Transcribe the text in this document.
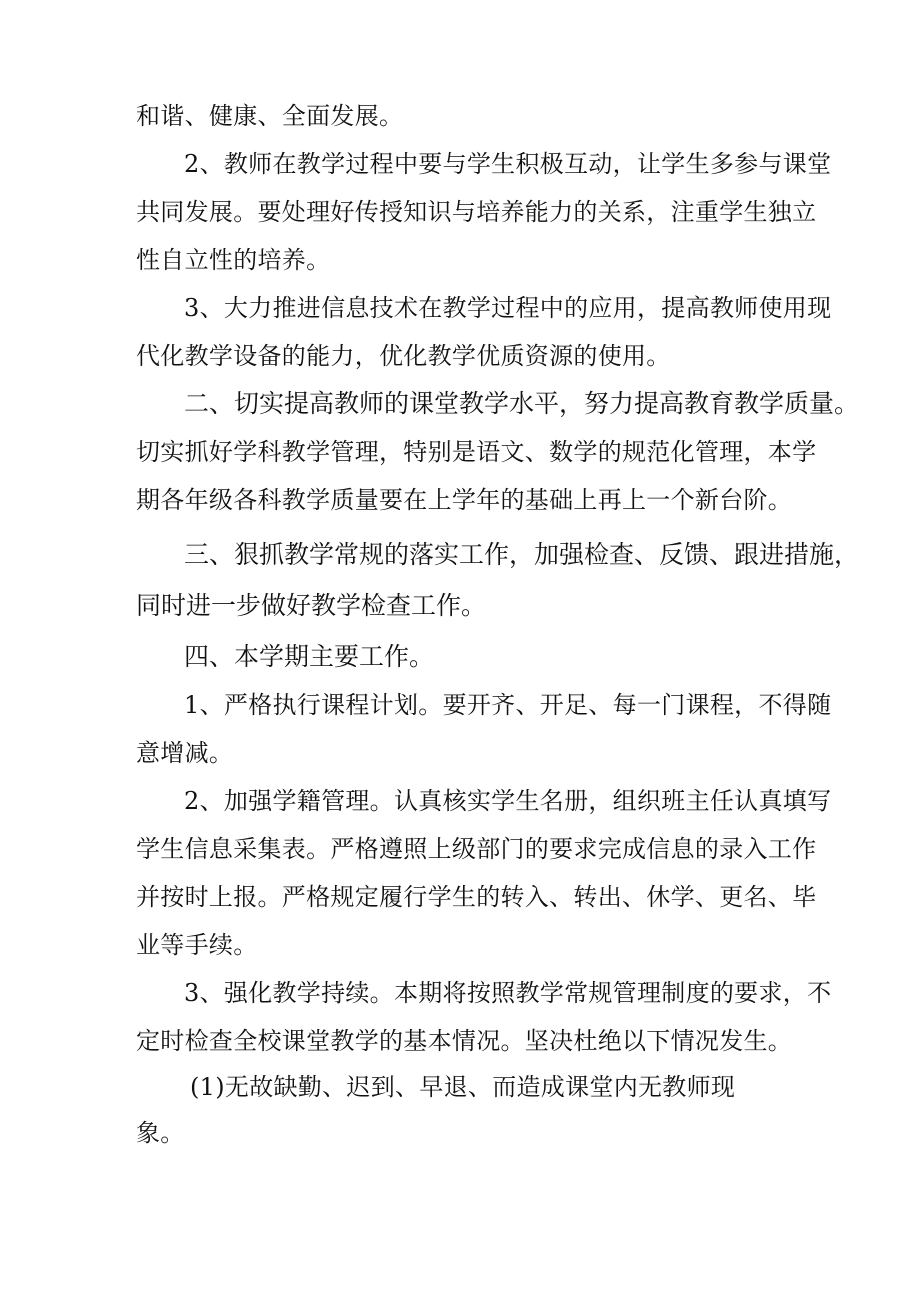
和谐、健康、全面发展。
2、教师在教学过程中要与学生积极互动，让学生多参与课堂
共同发展。要处理好传授知识与培养能力的关系，注重学生独立
性自立性的培养。
3、大力推进信息技术在教学过程中的应用，提高教师使用现
代化教学设备的能力，优化教学优质资源的使用。
二、切实提高教师的课堂教学水平，努力提高教育教学质量。
切实抓好学科教学管理，特别是语文、数学的规范化管理，本学
期各年级各科教学质量要在上学年的基础上再上一个新台阶。
三、狠抓教学常规的落实工作，加强检查、反馈、跟进措施，
同时进一步做好教学检查工作。
四、本学期主要工作。
1、严格执行课程计划。要开齐、开足、每一门课程，不得随
意增减。
2、加强学籍管理。认真核实学生名册，组织班主任认真填写
学生信息采集表。严格遵照上级部门的要求完成信息的录入工作
并按时上报。严格规定履行学生的转入、转出、休学、更名、毕
业等手续。
3、强化教学持续。本期将按照教学常规管理制度的要求，不
定时检查全校课堂教学的基本情况。坚决杜绝以下情况发生。
(1)无故缺勤、迟到、早退、而造成课堂内无教师现
象。
